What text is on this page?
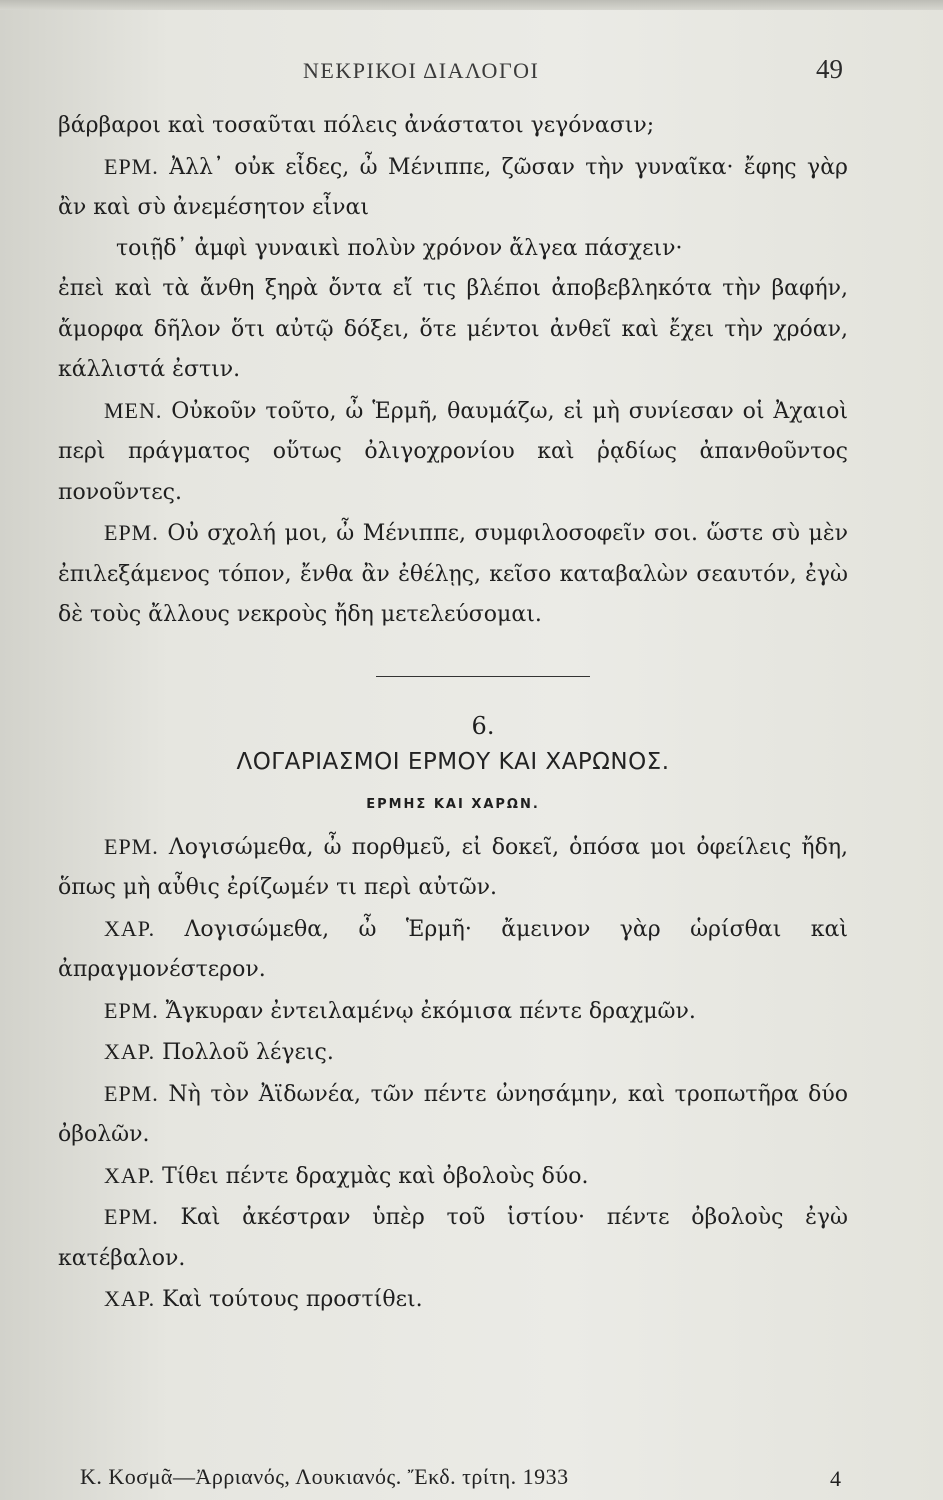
ΝΕΚΡΙΚΟΙ ΔΙΑΛΟΓΟΙ	49

βάρβαροι καὶ τοσαῦται πόλεις ἀνάστατοι γεγόνασιν;

ΕΡΜ. Ἀλλ᾽ οὐκ εἶδες, ὦ Μένιππε, ζῶσαν τὴν γυναῖκα· ἔφης γὰρ ἂν καὶ σὺ ἀνεμέσητον εἶναι

τοιῇδ᾽ ἀμφὶ γυναικὶ πολὺν χρόνον ἄλγεα πάσχειν·

ἐπεὶ καὶ τὰ ἄνθη ξηρὰ ὄντα εἴ τις βλέποι ἀποβεβληκότα τὴν βαφήν, ἄμορφα δῆλον ὅτι αὐτῷ δόξει, ὅτε μέντοι ἀνθεῖ καὶ ἔχει τὴν χρόαν, κάλλιστά ἐστιν.

ΜΕΝ. Οὐκοῦν τοῦτο, ὦ Ἑρμῆ, θαυμάζω, εἰ μὴ συνίεσαν οἱ Ἀχαιοὶ περὶ πράγματος οὕτως ὀλιγοχρονίου καὶ ῥᾳδίως ἀπανθοῦντος πονοῦντες.

ΕΡΜ. Οὐ σχολή μοι, ὦ Μένιππε, συμφιλοσοφεῖν σοι. ὥστε σὺ μὲν ἐπιλεξάμενος τόπον, ἔνθα ἂν ἐθέλῃς, κεῖσο καταβαλὼν σεαυτόν, ἐγὼ δὲ τοὺς ἄλλους νεκροὺς ἤδη μετελεύσομαι.

6.
ΛΟΓΑΡΙΑΣΜΟΙ ΕΡΜΟΥ ΚΑΙ ΧΑΡΩΝΟΣ.
ΕΡΜΗΣ ΚΑΙ ΧΑΡΩΝ.

ΕΡΜ. Λογισώμεθα, ὦ πορθμεῦ, εἰ δοκεῖ, ὁπόσα μοι ὀφείλεις ἤδη, ὅπως μὴ αὖθις ἐρίζωμέν τι περὶ αὐτῶν.

ΧΑΡ. Λογισώμεθα, ὦ Ἑρμῆ· ἄμεινον γὰρ ὡρίσθαι καὶ ἀπραγμονέστερον.

ΕΡΜ. Ἄγκυραν ἐντειλαμένῳ ἐκόμισα πέντε δραχμῶν.

ΧΑΡ. Πολλοῦ λέγεις.

ΕΡΜ. Νὴ τὸν Ἀϊδωνέα, τῶν πέντε ὠνησάμην, καὶ τροπωτῆρα δύο ὀβολῶν.

ΧΑΡ. Τίθει πέντε δραχμὰς καὶ ὀβολοὺς δύο.

ΕΡΜ. Καὶ ἀκέστραν ὑπὲρ τοῦ ἱστίου· πέντε ὀβολοὺς ἐγὼ κατέβαλον.

ΧΑΡ. Καὶ τούτους προστίθει.

Κ. Κοσμᾶ—Ἀρριανός, Λουκιανός. Ἔκδ. τρίτη. 1933	4
